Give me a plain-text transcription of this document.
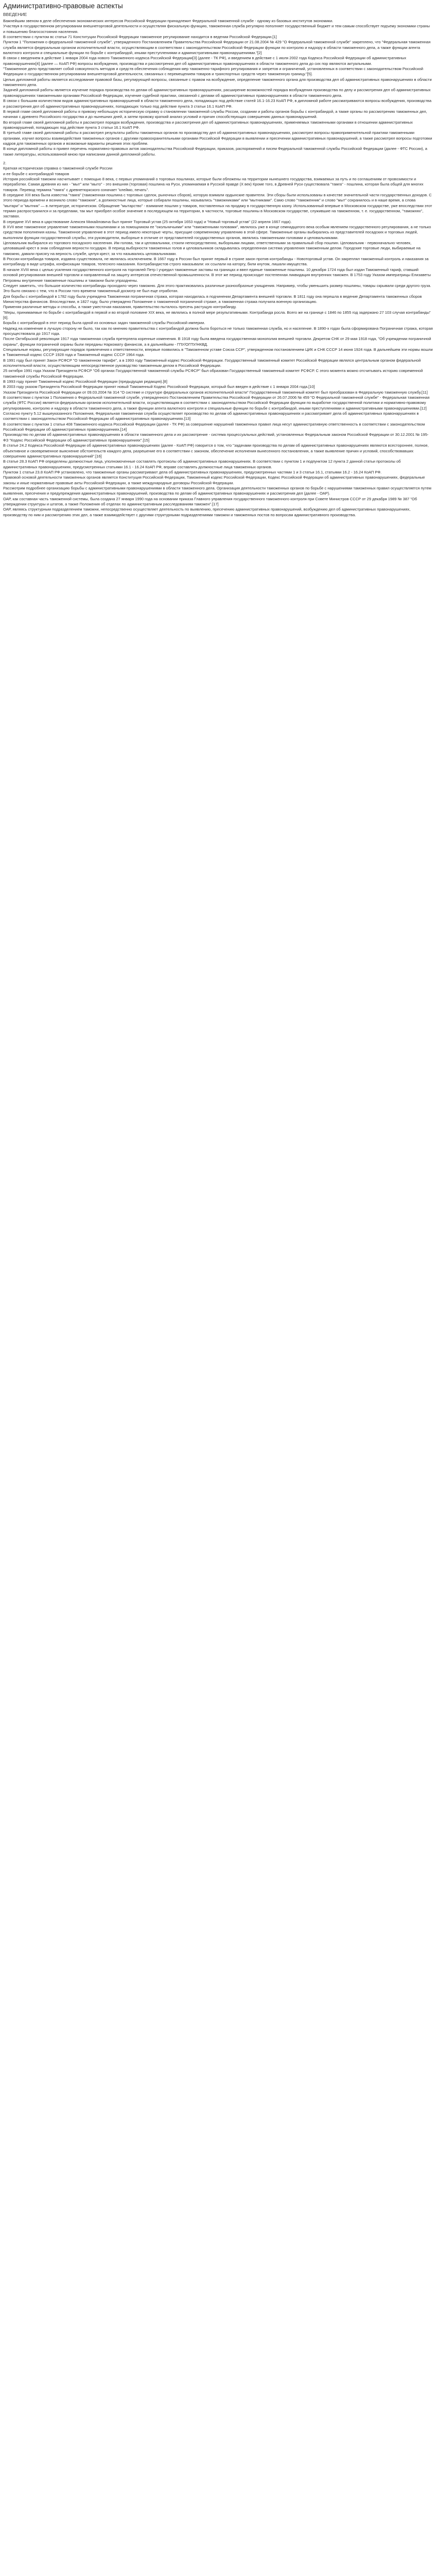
Административно-правовые аспекты
ВВЕДЕНИЕ

Важнейшим звеном в деле обеспечения экономических интересов Российской Федерации принадлежит Федеральной таможенной службе - одному из базовых институтов экономики.

Участвуя в государственном регулировании внешнеторговой деятельности и осуществляя фискальную функцию, таможенная служба регулярно пополняет государственный бюджет и тем самым способствует подъему экономики страны и повышению благосостояния населения.

В соответствии с пунктом вс статьи 71 Конституции Российской Федерации таможенное регулирование находится в ведении Российской Федерации.[1]

Пунктом 1 "Положения о федеральной таможенной службе", утвержденного Постановлением Правительства Российской Федерации от 21.08.2004 № 429 "О Федеральной таможенной службе" закреплено, что "Федеральная таможенная служба является федеральным органом исполнительной власти, осуществляющим в соответствии с законодательством Российской Федерации функции по контролю и надзору в области таможенного дела, а также функции агента валютного контроля и специальные функции по борьбе с контрабандой, иными преступлениями и административными правонарушениями."[2]

В связи с введением в действие 1 января 2004 года нового Таможенного кодекса Российской Федерации[3] (далее - ТК РФ), и введением в действие с 1 июля 2002 года Кодекса Российской Федерации об административных правонарушениях[4] (далее — КоАП РФ) вопросы возбуждения, производства и рассмотрения дел об административных правонарушениях в области таможенного дела до сих пор являются актуальными.

"Таможенное дело представляет собой совокупность методов и средств обеспечения соблюдения мер таможенно-тарифного регулирования и запретов и ограничений, установленных в соответствии с законодательством Российской Федерации о государственном регулировании внешнеторговой деятельности, связанных с перемещением товаров и транспортных средств через таможенную границу."[5].

Целью дипломной работы является исследование правовой базы, регулирующей вопросы, связанные с правом на возбуждение, определение таможенного органа для производства дел об административных правонарушениях в области таможенного дела.

Задачей дипломной работы является изучение порядка производства по делам об административных правонарушениях, расширение возможностей порядка возбуждения производства по делу и рассмотрения дел об административных правонарушениях таможенными органами Российской Федерации, изучение судебной практики, связанной с делами об административных правонарушениях в области таможенного дела.

В связи с большим количеством видов административных правонарушений в области таможенного дела, попадающих под действие статей 16.1-16.23 КоАП РФ, в дипломной работе рассматриваются вопросы возбуждения, производства и рассмотрения дел об административных правонарушениях, попадающих только под действие пункта 3 статьи 16.1 КоАП РФ.

В первой главе своей дипломной работы я привожу небольшую историческую справку о становлении таможенной службы России, создании и работы органов борьбы с контрабандой, а также органы по рассмотрению таможенных дел, начиная с древнего Российского государства и до нынешних дней, а затем провожу краткий анализ условий и причин способствующих совершению данных правонарушений.

Во второй главе своей дипломной работы я рассмотрел порядок возбуждения, производства и рассмотрения дел об административных правонарушениях, применяемых таможенными органами в отношении административных правонарушений, попадающих под действие пункта 3 статьи 16.1 КоАП РФ.

В третьей главе своей дипломной работы я рассмотрел результаты работы таможенных органов по производству дел об административных правонарушениях, рассмотрел вопросы правоприменительной практики таможенными органами, изучил вопросы взаимодействия таможенных органов с другими правоохранительными органами Российской Федерации в выявлении и пресечении административных правонарушений, а также рассмотрел вопросы подготовки кадров для таможенных органов и возможные варианты решения этих проблем.

В конце дипломной работы я привел перечень нормативно-правовых актов законодательства Российской Федерации, приказов, распоряжений и писем Федеральной таможенной службы Российской Федерации (далее - ФТС России), а также литературы, использованной мною при написании данной дипломной работы.

2.

Краткая историческая справка о таможенной службе России

и ее борьбе с контрабандой товаров

История российской таможни насчитывает с помощью 8 века, с первых упоминаний о торговых пошлинах, которые были обложены на территории нынешнего государства, взимаемых за путь и по соглашениям от провозимости и переработки. Самая древняя из них - "мыт" или "мыто" - это внешняя (торговая) пошлина на Руси, упоминаемая в Русской правде (X век) Кроме того, в Древней Руси существовала "тамга" - пошлина, которая была общей для многих товаров. Перевод термина "тамга" с древнетюркского означает "клеймо, печать".

В середине XIII века была известна "тамга" (таможенная пошлина с торговых сделок, рыночных сборов), которую взимали ордынские правители. Эти сборы были использованы в качестве значительной части государственных доходов. С этого периода времени и возникло слово "таможня", а должностные лица, которые собирали пошлины, назывались "таможниками" или "мытниками". Само слово "таможенник" и слово "мыт" сохранилось и в наше время, а слова "мытари" и "мытник" — в литературе, историческом. Обращение "мытарство" - взимание пошлин у товаров, поставленных на продажу в государственную казну. Использованный впервые в Московском государстве, уже впоследствии этот термин распространился и за пределами, так мыт приобрел особое значение в последующем на территории, в частности, торговые пошлины в Московском государстве, служившие на таможенном, т. е. государственном, "таможнях", заставах.

В середине XVI века в царствование Алексея Михайловича был принят Торговый устав (25 октября 1653 года) и "Новый торговый устав" (22 апреля 1667 года).

В XVII веке таможенное управление таможенными пошлинами и за помощником ее "окольничьими" или "таможенными головами", являлось уже в конце семнадцатого века особым явлением государственного регулирования, а не только средством пополнения казны. Таможенное управление в этот период имело некоторые черты, присущие современному управлению в этой сфере. Таможенные органы выбирались из представителей посадских и торговых людей, выполняли функции государственной службы, эти руководители, выборные в отличие от представителей государственных органов, являлись таможенными головами и целовальниками.

Целовальник выбирался из торгового посадского населения. Им голова, так и целовальники, стоили непосредственно, выборными лицами, ответственными за правильный сбор пошлин. Целовальник - первоначально человек, целовавший крест в знак соблюдения верности государю. В период выборности таможенных голов и целовальников складывалась определенная система управления таможенным делом. Городские торговые люди, выбираемые на таможню, давали присягу на верность службе, целуя крест, за что назывались целовальниками.

В России контрабанда товаров, издавна существовала, не являлась исключением. В 1667 году в России был принят первый в стране закон против контрабанды - Новоторговый устав. Он закреплял таможенный контроль и наказания за контрабанду в виде штрафа, конфискации товаров, телесного наказания. Контрабандистов строго наказывали: их ссылали на каторгу, били кнутом, лишали имущества.

В начале XVIII века с целью усиления государственного контроля на торговлей Петр I учредил таможенные заставы на границах и ввел единые таможенные пошлины. 10 декабря 1724 года был издан Таможенный тариф, ставший основой регулирования внешней торговли и направленный на защиту интересов отечественной промышленности. В этот же период происходит постепенная ликвидация внутренних таможен. В 1753 году Указом императрицы Елизаветы Петровны внутренние таможенные пошлины и таможни были упразднены.

Следует заметить, что большое количество контрабанды проходило через таможню. Для этого практиковались различные разнообразные ухищрения. Например, чтобы уменьшить размер пошлины, товары скрывали среди другого груза. Это было связано с тем, что в России того времени таможенный досмотр не был еще отработан.

Для борьбы с контрабандой в 1782 году была учреждена Таможенная пограничная стража, которая находилась в подчинении Департамента внешней торговли. В 1811 году она перешла в ведение Департамента таможенных сборов Министерства финансов. Впоследствии, в 1827 году, было утверждено Положение о таможенной пограничной страже, а таможенная стража получила военную организацию.

Применяя различные методы и способы, а также ужесточая наказания, правительство пыталось пресечь растущую контрабанду.

"Меры, принимаемые по борьбе с контрабандой в первой и во второй половине XIX века, не являлись в полной мере результативными. Контрабанда росла. Всего же на границе с 1846 по 1855 год задержано 27 103 случая контрабанды"[6].

Борьба с контрабандой в этот период была одной из основных задач таможенной службы Российской империи.

Надежд на изменение в лучшую сторону не было, так как по мнению правительства с контрабандой должна была бороться не только таможенная служба, но и население. В 1890-х годах была сформирована Пограничная стража, которая просуществовала до 1917 года.

После Октябрьской революции 1917 года таможенная служба претерпела коренные изменения. В 1918 году была введена государственная монополия внешней торговли. Декретом СНК от 29 мая 1918 года, "Об учреждении пограничной охраны", функции пограничной охраны были переданы Наркомату финансов, а в дальнейшем - ГПУ/ОГПУ/НКВД.

Специальные нормы, регулирующие порядок привлечения к ответственности, впервые появились в "Таможенном уставе Союза ССР", утвержденном постановлением ЦИК и СНК СССР 14 июня 1924 года. В дальнейшем эти нормы вошли в Таможенный кодекс СССР 1928 года и Таможенный кодекс СССР 1964 года.

В 1991 году был принят Закон РСФСР "О таможенном тарифе", а в 1993 году Таможенный кодекс Российской Федерации. Государственный таможенный комитет Российской Федерации являлся центральным органом федеральной исполнительной власти, осуществляющим непосредственное руководство таможенным делом в Российской Федерации.

25 октября 1991 года Указом Президента РСФСР "Об органах Государственной таможенной службы РСФСР" был образован Государственный таможенный комитет РСФСР. С этого момента можно отсчитывать историю современной таможенной службы Российской Федерации.

В 1993 году принят Таможенный кодекс Российской Федерации (предыдущая редакция).[8]

В 2003 году указом Президента Российской Федерации принят новый Таможенный Кодекс Российской Федерации, который был введен в действие с 1 января 2004 года.[10]

Указом Президента Российской Федерации от 09.03.2004 № 314 "О системе и структуре федеральных органов исполнительной власти" Государственный таможенный комитет был преобразован в Федеральную таможенную службу.[11]

В соответствии с пунктом 1 Положения о Федеральной таможенной службе, утвержденного Постановлением Правительства Российской Федерации от 26.07.2006 № 459 "О Федеральной таможенной службе" - Федеральная таможенная служба (ФТС России) является федеральным органом исполнительной власти, осуществляющим в соответствии с законодательством Российской Федерации функции по выработке государственной политики и нормативно-правовому регулированию, контролю и надзору в области таможенного дела, а также функции агента валютного контроля и специальные функции по борьбе с контрабандой, иными преступлениями и административными правонарушениями.[12]

Согласно пункту 5.12 вышеуказанного Положения, Федеральная таможенная служба осуществляет производство по делам об административных правонарушениях и рассматривает дела об административных правонарушениях в соответствии с законодательством Российской Федерации об административных правонарушениях.[13]

В соответствии с пунктом 1 статьи 408 Таможенного кодекса Российской Федерации (далее - ТК РФ) за совершение нарушений таможенных правил лица несут административную ответственность в соответствии с законодательством Российской Федерации об административных правонарушениях.[14]

Производство по делам об административных правонарушениях в области таможенного дела и их рассмотрение - система процессуальных действий, установленных Федеральным законом Российской Федерации от 30.12.2001 № 195-ФЗ "Кодекс Российской Федерации об административных правонарушениях".[15]

В статье 24.2 Кодекса Российской Федерации об административных правонарушениях (далее - КоАП РФ) говорится о том, что "задачами производства по делам об административных правонарушениях являются всестороннее, полное, объективное и своевременное выяснение обстоятельств каждого дела, разрешение его в соответствии с законом, обеспечение исполнения вынесенного постановления, а также выявление причин и условий, способствовавших совершению административных правонарушений".[16]

В статье 28.3 КоАП РФ определены должностные лица, уполномоченные составлять протоколы об административных правонарушениях. В соответствии с пунктом 1 и подпунктом 12 пункта 2 данной статьи протоколы об административных правонарушениях, предусмотренных статьями 16.1 - 16.24 КоАП РФ, вправе составлять должностные лица таможенных органов.

Пунктом 1 статьи 23.8 КоАП РФ установлено, что таможенные органы рассматривают дела об административных правонарушениях, предусмотренных частями 1 и 3 статьи 16.1, статьями 16.2 - 16.24 КоАП РФ.

Правовой основой деятельности таможенных органов является Конституция Российской Федерации, Таможенный кодекс Российской Федерации, Кодекс Российской Федерации об административных правонарушениях, федеральные законы и иные нормативные правовые акты Российской Федерации, а также международные договоры Российской Федерации.

Рассмотрим подробнее организацию борьбы с административными правонарушениями в области таможенного дела. Организация деятельности таможенных органов по борьбе с нарушениями таможенных правил осуществляется путем выявления, пресечения и предупреждения административных правонарушений, производства по делам об административных правонарушениях и рассмотрения дел (далее - ОАР).

ОАР, как составная часть таможенной системы, была создана 27 января 1990 года на основании приказа Главного управления государственного таможенного контроля при Совете Министров СССР от 29 декабря 1989 № 387 "Об утверждении структуры и штатов, а также Положения об отделах по административным расследованиям таможен".[17]

ОАР, являясь структурным подразделением таможни, непосредственно осуществляет деятельность по выявлению, пресечению административных правонарушений, возбуждению дел об административных правонарушениях, производству по ним и рассмотрению этих дел, а также взаимодействует с другими структурными подразделениями таможни и таможенных постов по вопросам административного производства.
